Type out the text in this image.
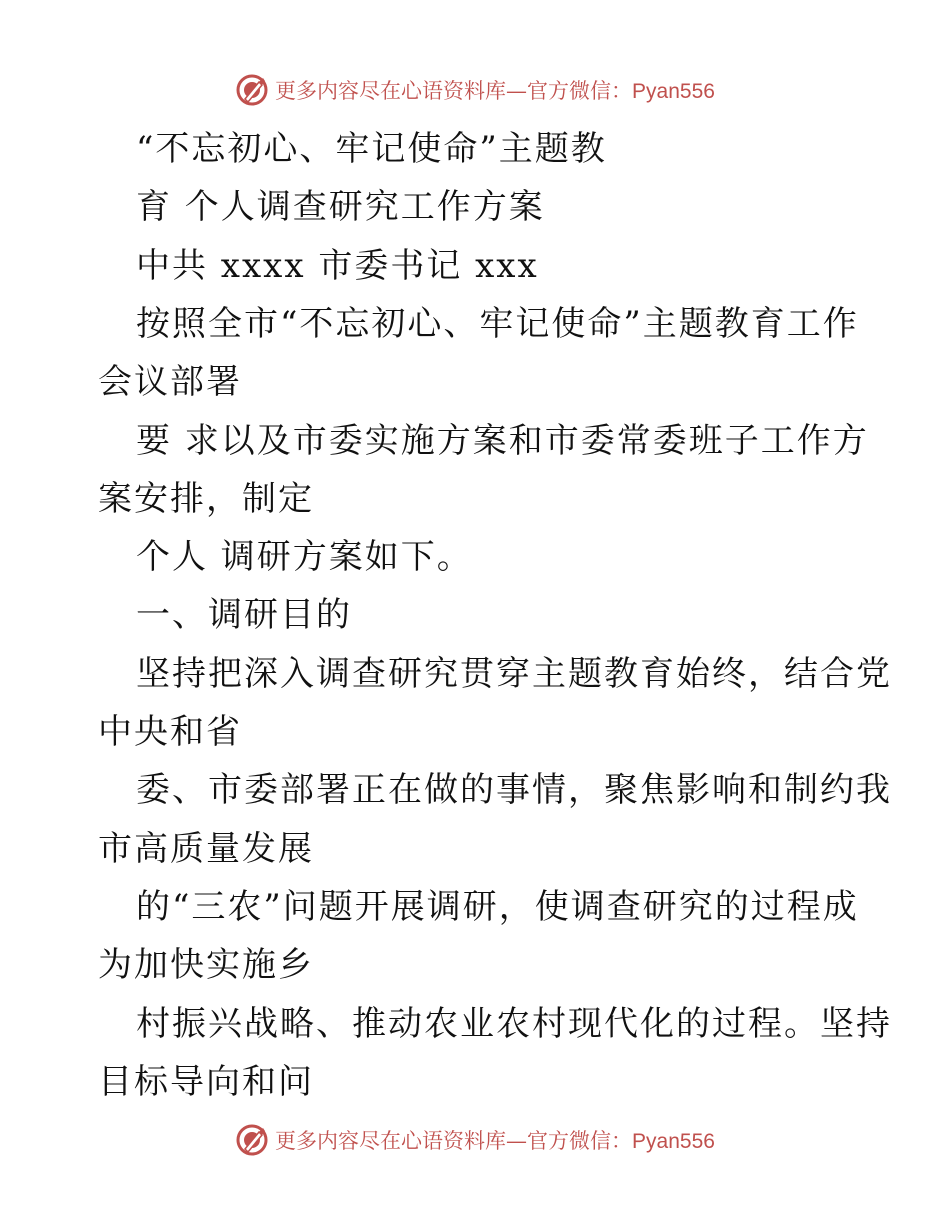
更多内容尽在心语资料库—官方微信：Pyan556
“不忘初心、牢记使命”主题教
育 个人调查研究工作方案
中共 xxxx 市委书记 xxx
按照全市“不忘初心、牢记使命”主题教育工作
会议部署
要 求以及市委实施方案和市委常委班子工作方
案安排，制定
个人 调研方案如下。
一、调研目的
坚持把深入调查研究贯穿主题教育始终，结合党
中央和省
委、市委部署正在做的事情，聚焦影响和制约我
市高质量发展
的“三农”问题开展调研，使调查研究的过程成
为加快实施乡
村振兴战略、推动农业农村现代化的过程。坚持
目标导向和问
更多内容尽在心语资料库—官方微信：Pyan556
